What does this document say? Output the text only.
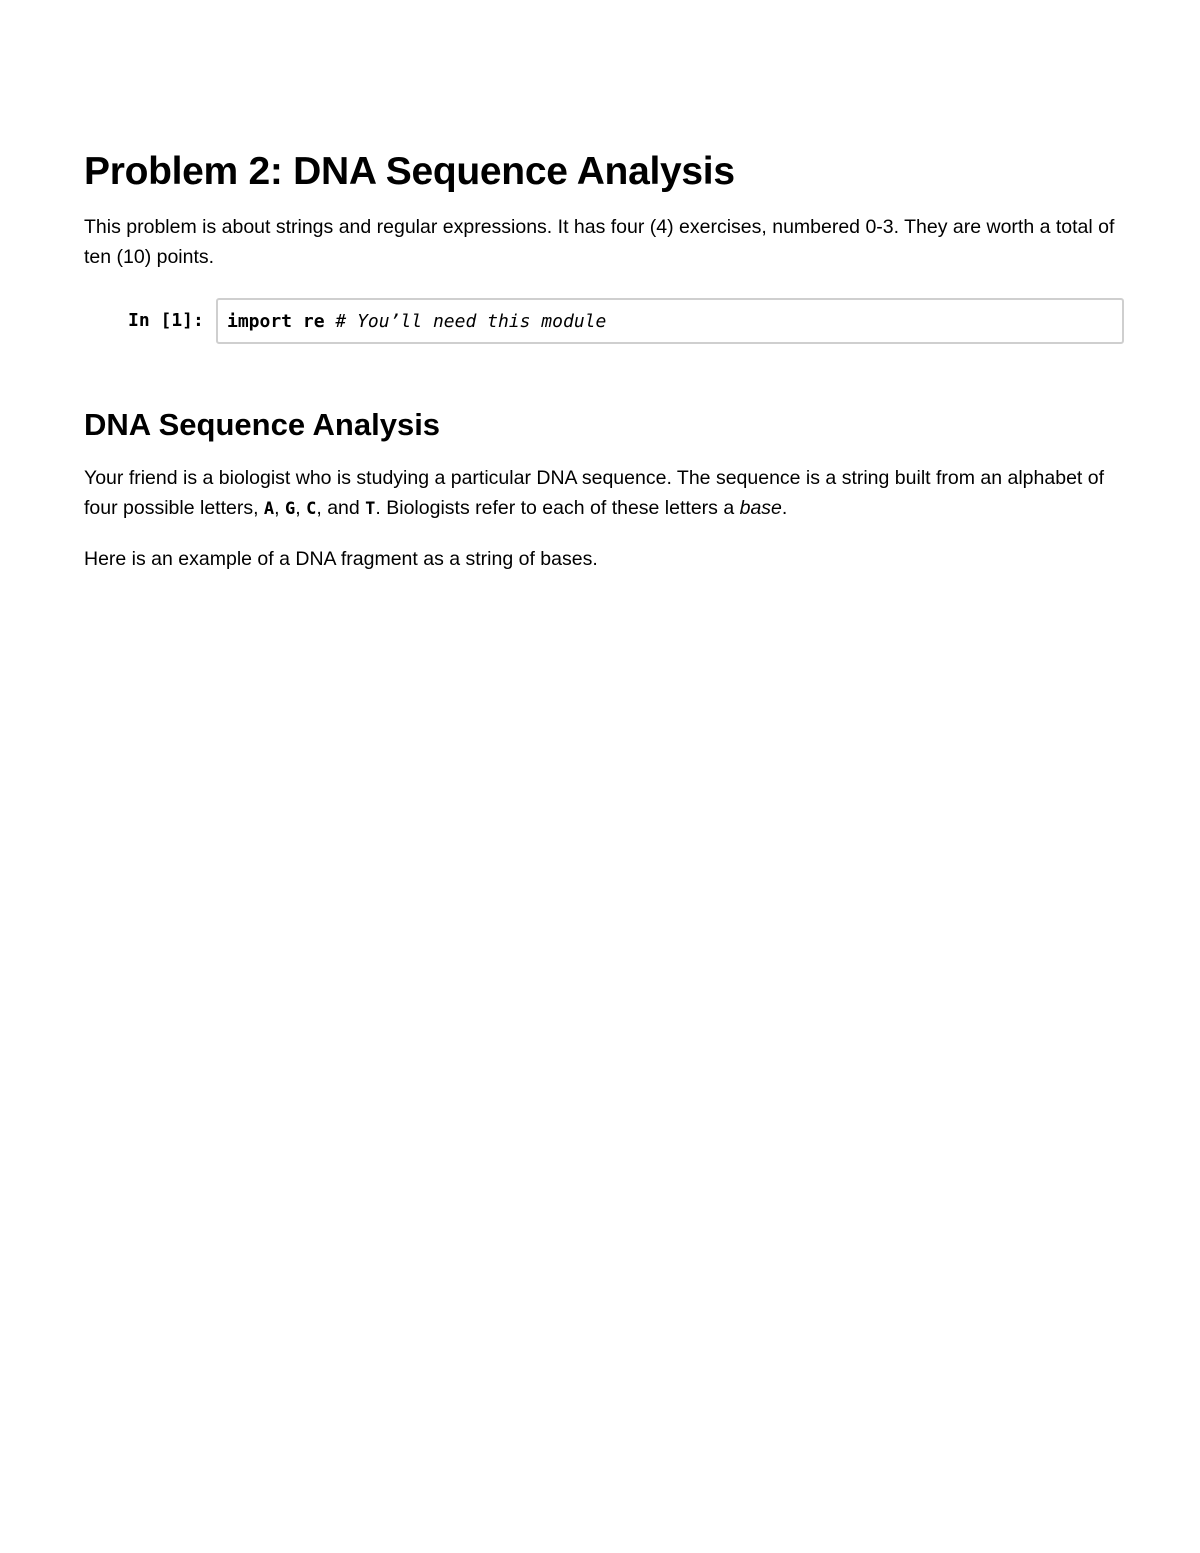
Problem 2: DNA Sequence Analysis

This problem is about strings and regular expressions. It has four (4) exercises, numbered 0-3. They are worth a total of ten (10) points.

In [1]: import re # You’ll need this module
DNA Sequence Analysis

Your friend is a biologist who is studying a particular DNA sequence. The sequence is a string built from an alphabet of four possible letters, A, G, C, and T. Biologists refer to each of these letters a base.

Here is an example of a DNA fragment as a string of bases.
